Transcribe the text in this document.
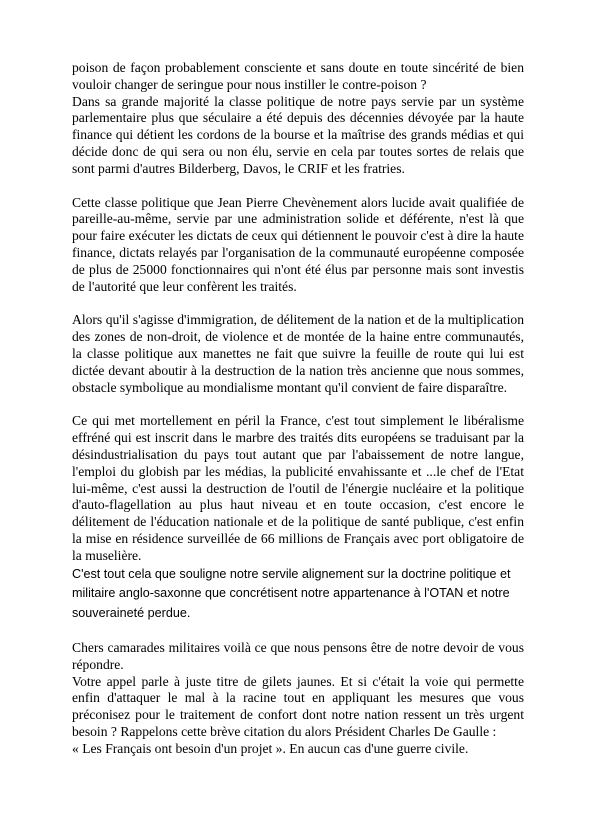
poison de façon probablement consciente et sans doute en toute sincérité de bien vouloir changer de seringue pour nous instiller le contre-poison ?
Dans sa grande majorité la classe politique de notre pays servie par un système parlementaire plus que séculaire a été depuis des décennies dévoyée par la haute finance qui détient les cordons de la bourse et la maîtrise des grands médias et qui décide donc de qui sera ou non élu, servie en cela par toutes sortes de relais que sont parmi d'autres Bilderberg, Davos, le CRIF et les fratries.
Cette classe politique que Jean Pierre Chevènement alors lucide avait qualifiée de pareille-au-même, servie par une administration solide et déférente, n'est là que pour faire exécuter les dictats de ceux qui détiennent le pouvoir c'est à dire la haute finance, dictats relayés par l'organisation de la communauté européenne composée de plus de 25000 fonctionnaires qui n'ont été élus par personne mais sont investis de l'autorité que leur confèrent les traités.
Alors qu'il s'agisse d'immigration, de délitement de la nation et de la multiplication des zones de non-droit, de violence et de montée de la haine entre communautés, la classe politique aux manettes ne fait que suivre la feuille de route qui lui est dictée devant aboutir à la destruction de la nation très ancienne que nous sommes, obstacle symbolique au mondialisme montant qu'il convient de faire disparaître.
Ce qui met mortellement en péril la France, c'est tout simplement le libéralisme effréné qui est inscrit dans le marbre des traités dits européens se traduisant par la désindustrialisation du pays tout autant que par l'abaissement de notre langue, l'emploi du globish par les médias, la publicité envahissante et ...le chef de l'Etat lui-même, c'est aussi la destruction de l'outil de l'énergie nucléaire et la politique d'auto-flagellation au plus haut niveau et en toute occasion, c'est encore le délitement de l'éducation nationale et de la politique de santé publique, c'est enfin la mise en résidence surveillée de 66 millions de Français avec port obligatoire de la muselière.

C'est tout cela que souligne notre servile alignement sur la doctrine politique et militaire anglo-saxonne que concrétisent notre appartenance à l'OTAN et notre souveraineté perdue.

Chers camarades militaires voilà ce que nous pensons être de notre devoir de vous répondre.
Votre appel parle à juste titre de gilets jaunes. Et si c'était la voie qui permette enfin d'attaquer le mal à la racine tout en appliquant les mesures que vous préconisez pour le traitement de confort dont notre nation ressent un très urgent besoin ? Rappelons cette brève citation du alors Président Charles De Gaulle :
« Les Français ont besoin d'un projet ». En aucun cas d'une guerre civile.
